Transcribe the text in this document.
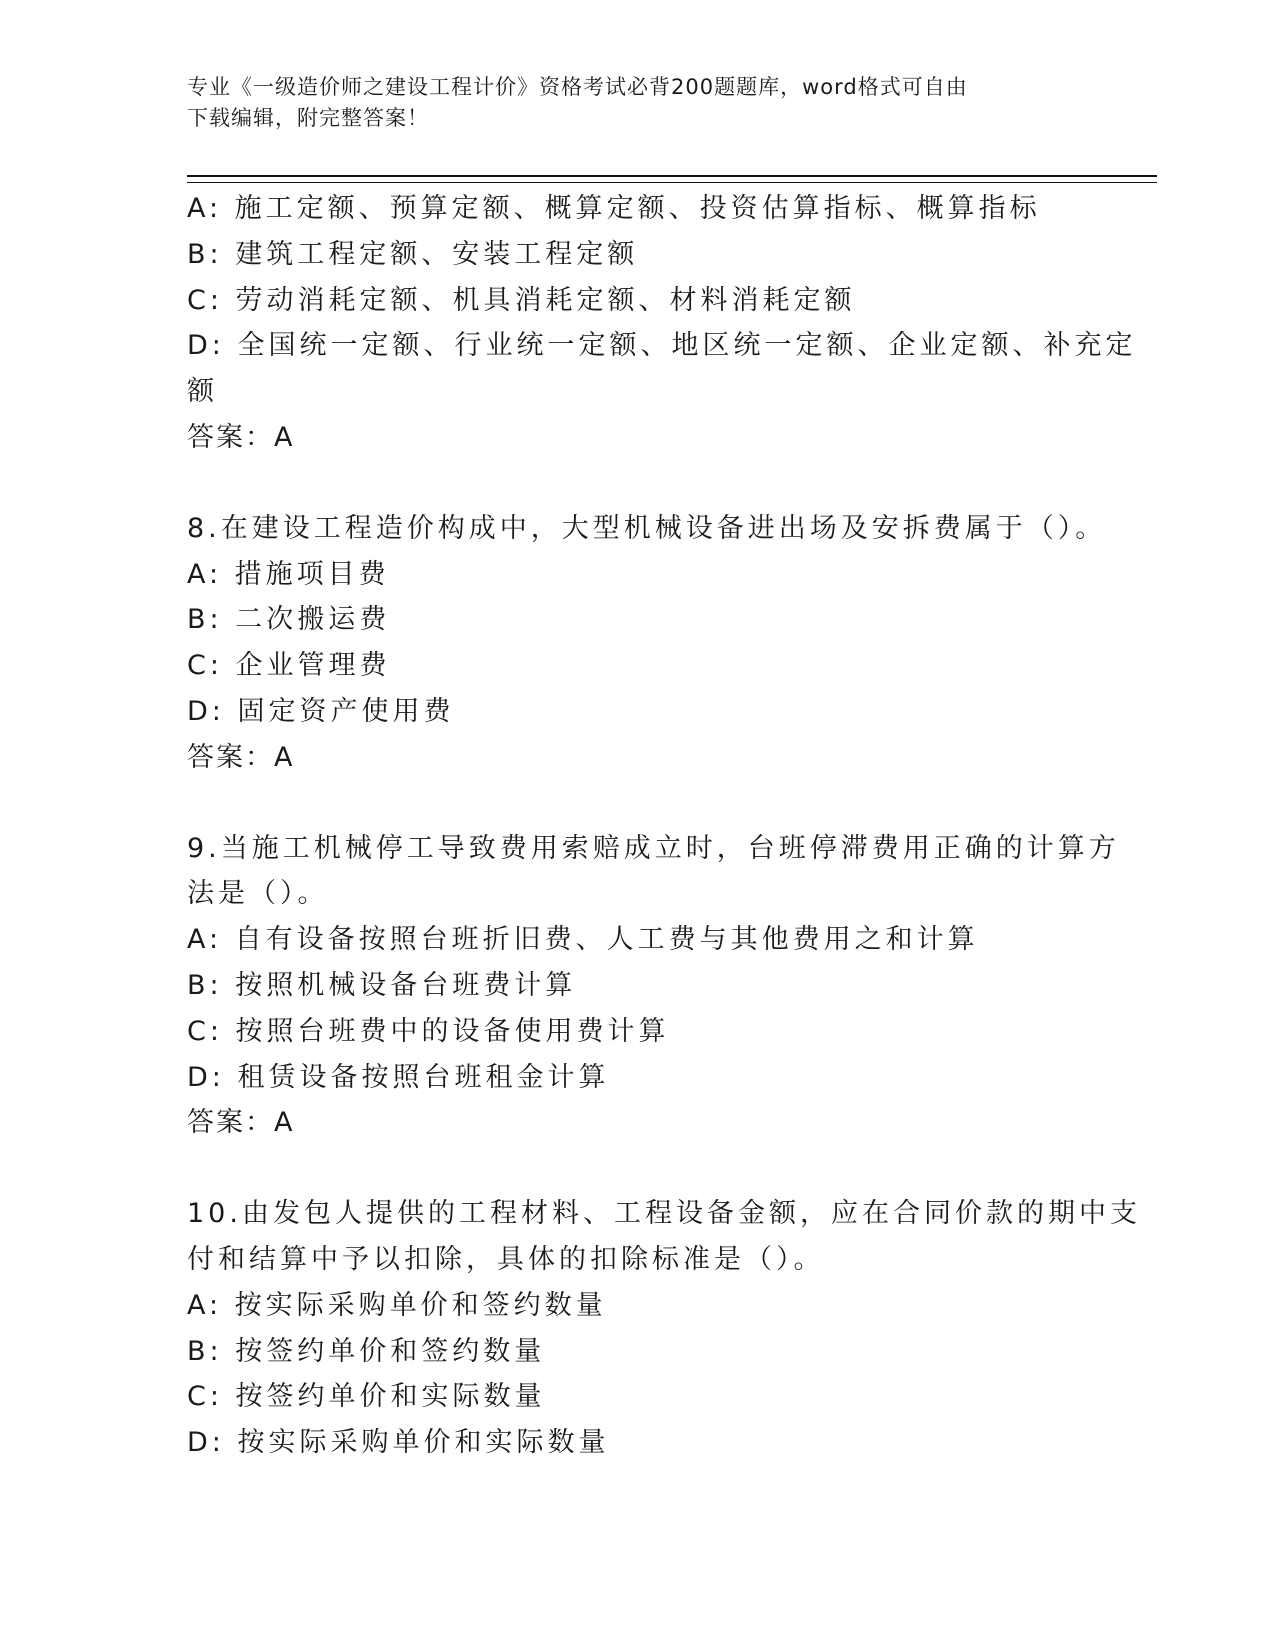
专业《一级造价师之建设工程计价》资格考试必背200题题库，word格式可自由
下载编辑，附完整答案！
A: 施工定额、预算定额、概算定额、投资估算指标、概算指标
B: 建筑工程定额、安装工程定额
C: 劳动消耗定额、机具消耗定额、材料消耗定额
D: 全国统一定额、行业统一定额、地区统一定额、企业定额、补充定
额
答案：A
8.在建设工程造价构成中，大型机械设备进出场及安拆费属于（）。
A: 措施项目费
B: 二次搬运费
C: 企业管理费
D: 固定资产使用费
答案：A
9.当施工机械停工导致费用索赔成立时，台班停滞费用正确的计算方
法是（）。
A: 自有设备按照台班折旧费、人工费与其他费用之和计算
B: 按照机械设备台班费计算
C: 按照台班费中的设备使用费计算
D: 租赁设备按照台班租金计算
答案：A
10.由发包人提供的工程材料、工程设备金额，应在合同价款的期中支
付和结算中予以扣除，具体的扣除标准是（）。
A: 按实际采购单价和签约数量
B: 按签约单价和签约数量
C: 按签约单价和实际数量
D: 按实际采购单价和实际数量
